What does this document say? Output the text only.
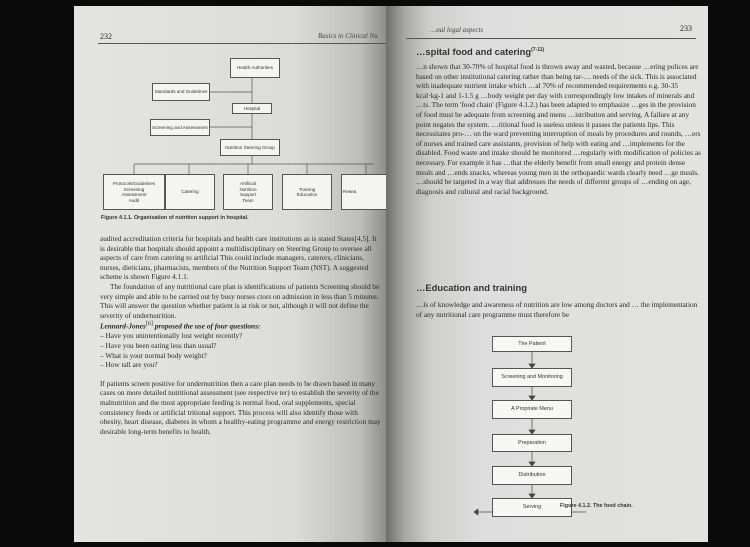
232	Basics in Clinical Nu
Health Authorities
Standards and Guidelines
Hospital
Screening and Assessment
Nutrition Steering Group
Protocols/Guidelines
Screening
Assessment
Audit
Catering
Artificial
Nutrition
Support
Team
Training
Education
Resea
Figure 4.1.1. Organisation of nutrition support in hospital.

audited accreditation criteria for hospitals and health care institutions as is stated States[4,5]. It is desirable that hospitals should appoint a multidisciplinary on Steering Group to oversee all aspects of care from catering to artificial This could include managers, caterers, clinicians, nurses, dieticians, pharmacists, members of the Nutrition Support Team (NST). A suggested scheme is shown Figure 4.1.1.

The foundation of any nutritional care plan is identifications of patients Screening should be very simple and able to be carried out by busy nurses ctors on admission in less than 5 minutes. This will answer the question whether patient is at risk or not, although it will not define the severity of undernutrition.

Lennard-Jones[6] proposed the use of four questions:

– Have you unintentionally lost weight recently?
– Have you been eating less than usual?
– What is your normal body weight?
– How tall are you?

If patients screen positive for undernutrition then a care plan needs to be drawn based in many cases on more detailed nutritional assessment (see respective ter) to establish the severity of the malnutrition and the most appropriate feeding is normal food, oral supplements, special consistency feeds or artificial tritional support. This process will also identify those with obesity, heart disease, diabetes in whom a healthy-eating programme and energy restriction may desirable long-term benefits to health.

…nal legal aspects	233
…spital food and catering$^{(7-11)}$
…n shown that 30-70% of hospital food is thrown away and wasted, because …ering polices are based on other institutional catering rather than being tar-… needs of the sick. This is associated with inadequate nutrient intake which …al 70% of recommended requirements e.g. 30-35 kcal·kg-1 and 1-1.5 g …body weight per day with correspondingly low intakes of minerals and …ts. The term 'food chain' (Figure 4.1.2.) has been adapted to emphasize …ges in the provision of food must be adequate from screening and menu …istribution and serving. A failure at any point negates the system. …ritional food is useless unless it passes the patients lips. This necessitates pro-… on the ward preventing interruption of meals by procedures and rounds, …ers of nurses and trained care assistants, provision of help with eating and …implements for the disabled. Food waste and intake should be monitored …regularly with modification of policies as necessary. For example it has …that the elderly benefit from small energy and protein dense meals and …ends snacks, whereas young men in the orthopaedic wards clearly need …ge meals. …should be targeted in a way that addresses the needs of different groups of …ending on age, diagnosis and cultural and racial background.
…Education and training
…ls of knowledge and awareness of nutrition are low among doctors and … the implementation of any nutritional care programme must therefore be
The Patient
Screening and Monitoring
A Propriate Menu
Preparation
Distribution
Serving	Figure 4.1.2. The food chain.
